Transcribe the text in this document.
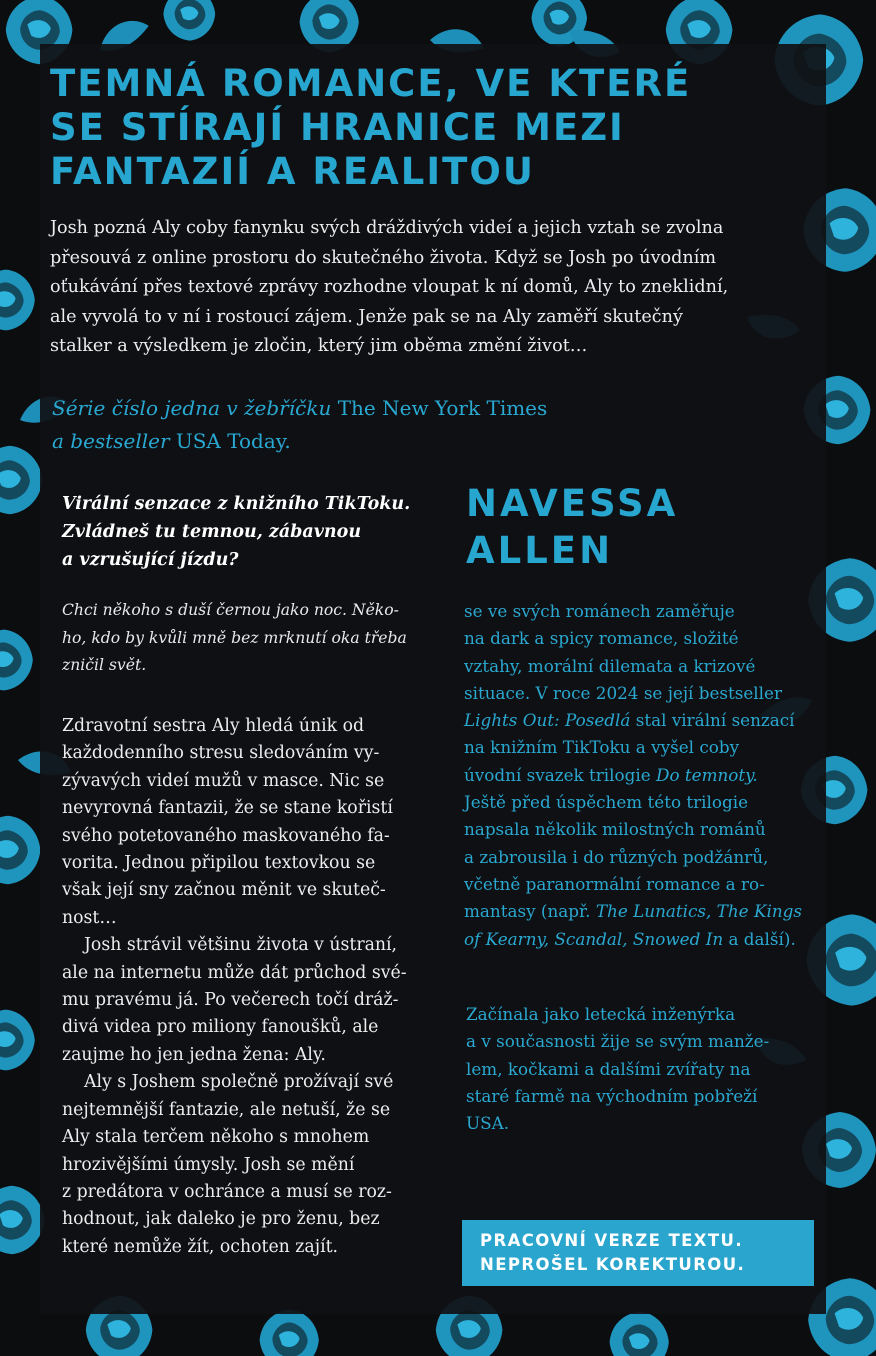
TEMNÁ ROMANCE, VE KTERÉ
SE STÍRAJÍ HRANICE MEZI
FANTAZIÍ A REALITOU

Josh pozná Aly coby fanynku svých dráždivých videí a jejich vztah se zvolna
přesouvá z online prostoru do skutečného života. Když se Josh po úvodním
oťukávání přes textové zprávy rozhodne vloupat k ní domů, Aly to zneklidní,
ale vyvolá to v ní i rostoucí zájem. Jenže pak se na Aly zaměří skutečný
stalker a výsledkem je zločin, který jim oběma změní život…

Série číslo jedna v žebříčku The New York Times
a bestseller USA Today.

Virální senzace z knižního TikToku.
Zvládneš tu temnou, zábavnou
a vzrušující jízdu?

Chci někoho s duší černou jako noc. Něko-
ho, kdo by kvůli mně bez mrknutí oka třeba
zničil svět.

Zdravotní sestra Aly hledá únik od
každodenního stresu sledováním vy-
zývavých videí mužů v masce. Nic se
nevyrovná fantazii, že se stane kořistí
svého potetovaného maskovaného fa-
vorita. Jednou připilou textovkou se
však její sny začnou měnit ve skuteč-
nost…
Josh strávil většinu života v ústraní,
ale na internetu může dát průchod své-
mu pravému já. Po večerech točí dráž-
divá videa pro miliony fanoušků, ale
zaujme ho jen jedna žena: Aly.
Aly s Joshem společně prožívají své
nejtemnější fantazie, ale netuší, že se
Aly stala terčem někoho s mnohem
hrozivějšími úmysly. Josh se mění
z predátora v ochránce a musí se roz-
hodnout, jak daleko je pro ženu, bez
které nemůže žít, ochoten zajít.

NAVESSA
ALLEN

se ve svých románech zaměřuje
na dark a spicy romance, složité
vztahy, morální dilemata a krizové
situace. V roce 2024 se její bestseller
Lights Out: Posedlá stal virální senzací
na knižním TikToku a vyšel coby
úvodní svazek trilogie Do temnoty.
Ještě před úspěchem této trilogie
napsala několik milostných románů
a zabrousila i do různých podžánrů,
včetně paranormální romance a ro-
mantasy (např. The Lunatics, The Kings
of Kearny, Scandal, Snowed In a další).

Začínala jako letecká inženýrka
a v současnosti žije se svým manže-
lem, kočkami a dalšími zvířaty na
staré farmě na východním pobřeží
USA.

PRACOVNÍ VERZE TEXTU.
NEPROŠEL KOREKTUROU.
